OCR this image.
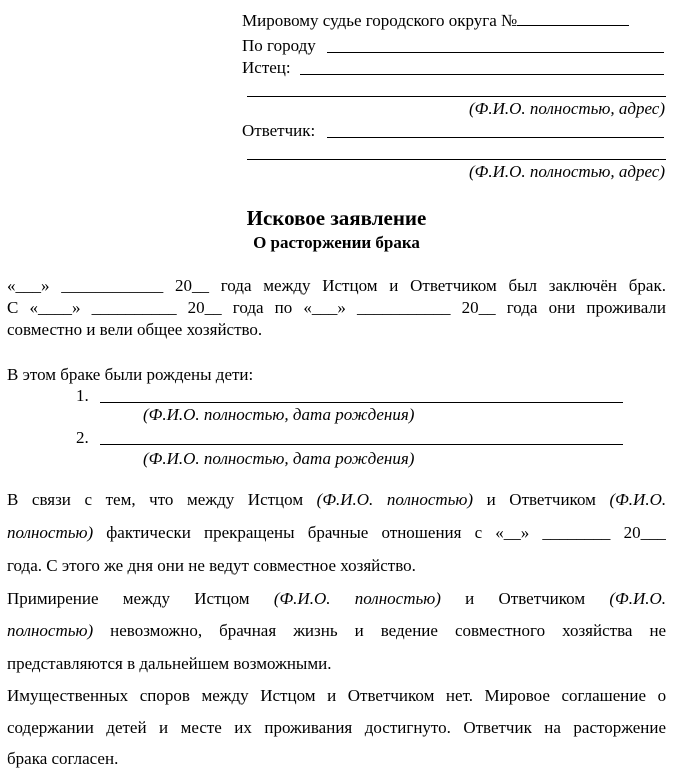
Мировому судье городского округа №
По городу
Истец:
(Ф.И.О. полностью, адрес)
Ответчик:
(Ф.И.О. полностью, адрес)
Исковое заявление
О расторжении брака
«___» ____________ 20__ года между Истцом и Ответчиком был заключён брак.
С «____» __________ 20__ года по «___» ___________ 20__ года они проживали
совместно и вели общее хозяйство.
В этом браке были рождены дети:
1.
(Ф.И.О. полностью, дата рождения)
2.
(Ф.И.О. полностью, дата рождения)
В связи с тем, что между Истцом (Ф.И.О. полностью) и Ответчиком (Ф.И.О.
полностью) фактически прекращены брачные отношения с «__» ________ 20___
года. С этого же дня они не ведут совместное хозяйство.
Примирение между Истцом (Ф.И.О. полностью) и Ответчиком (Ф.И.О.
полностью) невозможно, брачная жизнь и ведение совместного хозяйства не
представляются в дальнейшем возможными.
Имущественных споров между Истцом и Ответчиком нет. Мировое соглашение о
содержании детей и месте их проживания достигнуто. Ответчик на расторжение
брака согласен.
